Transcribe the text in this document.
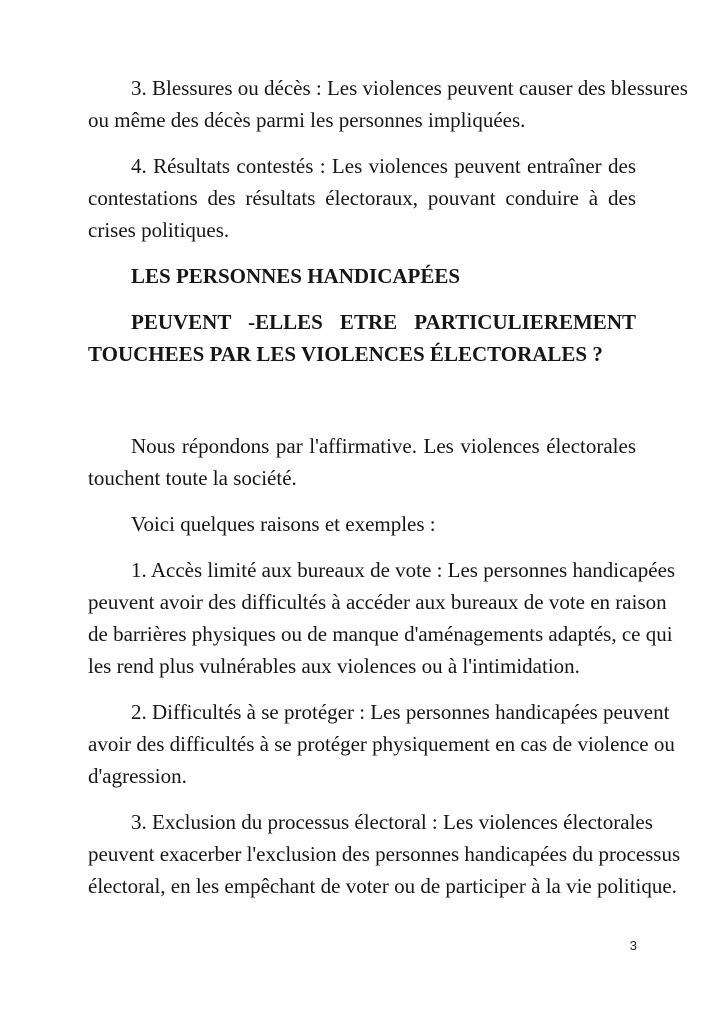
3. Blessures ou décès : Les violences peuvent causer des blessures
ou même des décès parmi les personnes impliquées.

4. Résultats contestés : Les violences peuvent entraîner des
contestations des résultats électoraux, pouvant conduire à des
crises politiques.

LES PERSONNES HANDICAPÉES

PEUVENT -ELLES ETRE PARTICULIEREMENT
TOUCHEES PAR LES VIOLENCES ÉLECTORALES ?

Nous répondons par l'affirmative. Les violences électorales
touchent toute la société.

Voici quelques raisons et exemples :

1. Accès limité aux bureaux de vote : Les personnes handicapées
peuvent avoir des difficultés à accéder aux bureaux de vote en raison
de barrières physiques ou de manque d'aménagements adaptés, ce qui
les rend plus vulnérables aux violences ou à l'intimidation.

2. Difficultés à se protéger : Les personnes handicapées peuvent
avoir des difficultés à se protéger physiquement en cas de violence ou
d'agression.

3. Exclusion du processus électoral : Les violences électorales
peuvent exacerber l'exclusion des personnes handicapées du processus
électoral, en les empêchant de voter ou de participer à la vie politique.

3
